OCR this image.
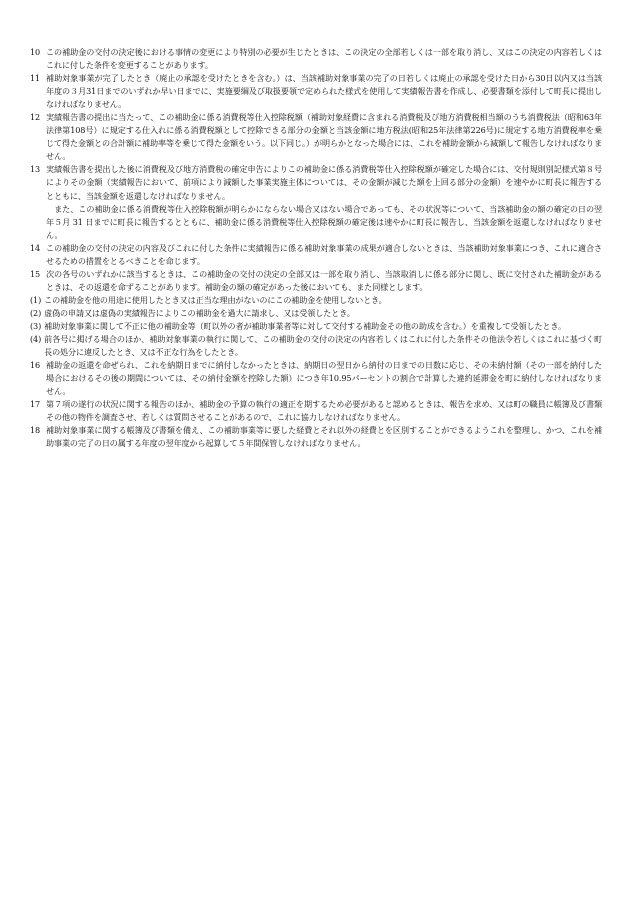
10 この補助金の交付の決定後における事情の変更により特別の必要が生じたときは、この決定の全部若しくは一部を取り消し、又はこの決定の内容若しくはこれに付した条件を変更することがあります。
11 補助対象事業が完了したとき（廃止の承認を受けたときを含む。）は、当該補助対象事業の完了の日若しくは廃止の承認を受けた日から30日以内又は当該年度の３月31日までのいずれか早い日までに、実施要綱及び取扱要領で定められた様式を使用して実績報告書を作成し、必要書類を添付して町長に提出しなければなりません。
12 実績報告書の提出に当たって、この補助金に係る消費税等仕入控除税額（補助対象経費に含まれる消費税及び地方消費税相当額のうち消費税法（昭和63年法律第108号）に規定する仕入れに係る消費税額として控除できる部分の金額と当該金額に地方税法(昭和25年法律第226号)に規定する地方消費税率を乗じて得た金額との合計額に補助率等を乗じて得た金額をいう。以下同じ。）が明らかとなった場合には、これを補助金額から減額して報告しなければなりません。
13 実績報告書を提出した後に消費税及び地方消費税の確定申告によりこの補助金に係る消費税等仕入控除税額が確定した場合には、交付規則別記様式第８号によりその金額（実績報告において、前項により減額した事業実施主体については、その金額が減じた額を上回る部分の金額）を速やかに町長に報告するとともに、当該金額を返還しなければなりません。
また、この補助金に係る消費税等仕入控除税額が明らかにならない場合又はない場合であっても、その状況等について、当該補助金の額の確定の日の翌年５月 31 日までに町長に報告するとともに、補助金に係る消費税等仕入控除税額の確定後は速やかに町長に報告し、当該金額を返還しなければなりません。
14 この補助金の交付の決定の内容及びこれに付した条件に実績報告に係る補助対象事業の成果が適合しないときは、当該補助対象事業につき、これに適合させるための措置をとるべきことを命じます。
15 次の各号のいずれかに該当するときは、この補助金の交付の決定の全部又は一部を取り消し、当該取消しに係る部分に関し、既に交付された補助金があるときは、その返還を命ずることがあります。補助金の額の確定があった後においても、また同様とします。
(1) この補助金を他の用途に使用したとき又は正当な理由がないのにこの補助金を使用しないとき。
(2) 虚偽の申請又は虚偽の実績報告によりこの補助金を過大に請求し、又は受領したとき。
(3) 補助対象事業に関して不正に他の補助金等（町以外の者が補助事業者等に対して交付する補助金その他の助成を含む。）を重複して受領したとき。
(4) 前各号に掲げる場合のほか、補助対象事業の執行に関して、この補助金の交付の決定の内容若しくはこれに付した条件その他法令若しくはこれに基づく町長の処分に違反したとき、又は不正な行為をしたとき。
16 補助金の返還を命ぜられ、これを納期日までに納付しなかったときは、納期日の翌日から納付の日までの日数に応じ、その未納付額（その一部を納付した場合におけるその後の期間については、その納付金額を控除した額）につき年10.95パーセントの割合で計算した違約延滞金を町に納付しなければなりません。
17 第７項の遂行の状況に関する報告のほか、補助金の予算の執行の適正を期するため必要があると認めるときは、報告を求め、又は町の職員に帳簿及び書類その他の物件を調査させ、若しくは質問させることがあるので、これに協力しなければなりません。
18 補助対象事業に関する帳簿及び書類を備え、この補助事業等に要した経費とそれ以外の経費とを区別することができるようこれを整理し、かつ、これを補助事業の完了の日の属する年度の翌年度から起算して５年間保管しなければなりません。
